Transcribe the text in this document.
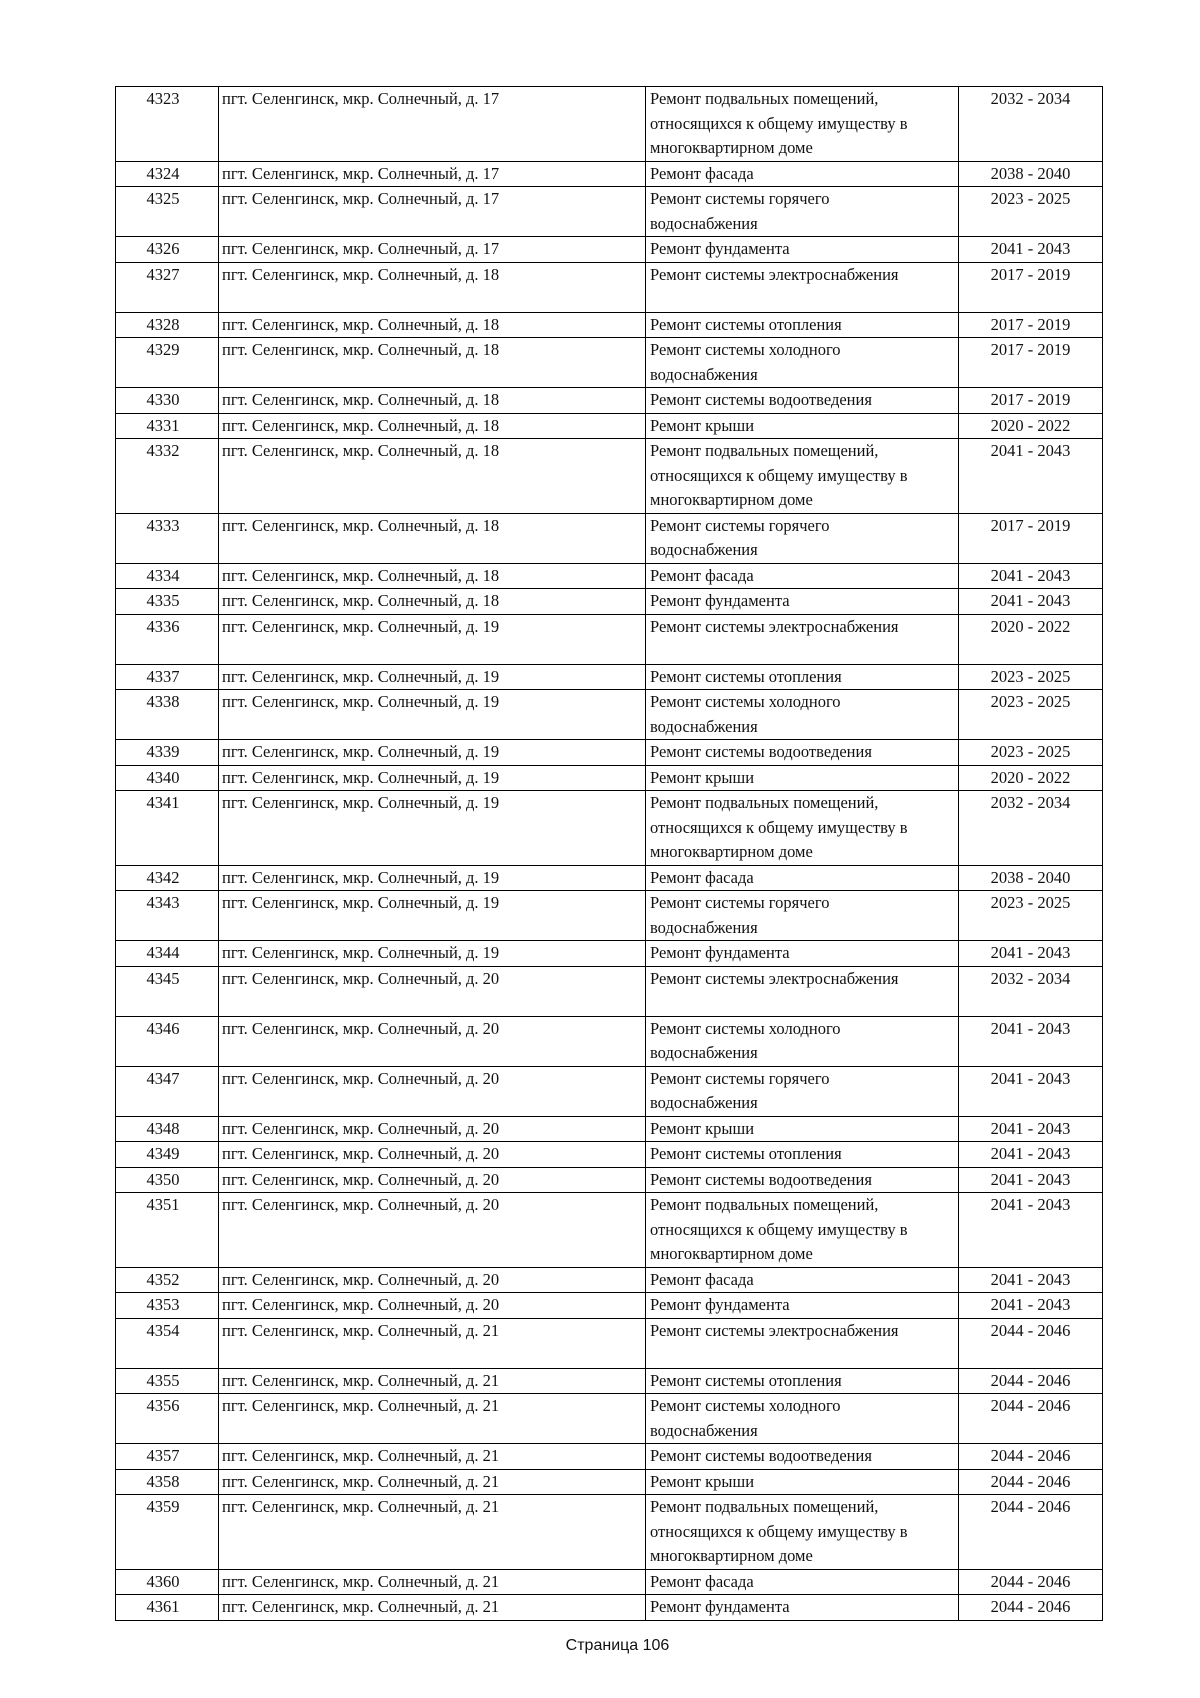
4323	пгт. Селенгинск, мкр. Солнечный, д. 17	Ремонт подвальных помещений,
относящихся к общему имуществу в
многоквартирном доме	2032 - 2034
4324	пгт. Селенгинск, мкр. Солнечный, д. 17	Ремонт фасада	2038 - 2040
4325	пгт. Селенгинск, мкр. Солнечный, д. 17	Ремонт системы горячего
водоснабжения	2023 - 2025
4326	пгт. Селенгинск, мкр. Солнечный, д. 17	Ремонт фундамента	2041 - 2043
4327	пгт. Селенгинск, мкр. Солнечный, д. 18	Ремонт системы электроснабжения	2017 - 2019
4328	пгт. Селенгинск, мкр. Солнечный, д. 18	Ремонт системы отопления	2017 - 2019
4329	пгт. Селенгинск, мкр. Солнечный, д. 18	Ремонт системы холодного
водоснабжения	2017 - 2019
4330	пгт. Селенгинск, мкр. Солнечный, д. 18	Ремонт системы водоотведения	2017 - 2019
4331	пгт. Селенгинск, мкр. Солнечный, д. 18	Ремонт крыши	2020 - 2022
4332	пгт. Селенгинск, мкр. Солнечный, д. 18	Ремонт подвальных помещений,
относящихся к общему имуществу в
многоквартирном доме	2041 - 2043
4333	пгт. Селенгинск, мкр. Солнечный, д. 18	Ремонт системы горячего
водоснабжения	2017 - 2019
4334	пгт. Селенгинск, мкр. Солнечный, д. 18	Ремонт фасада	2041 - 2043
4335	пгт. Селенгинск, мкр. Солнечный, д. 18	Ремонт фундамента	2041 - 2043
4336	пгт. Селенгинск, мкр. Солнечный, д. 19	Ремонт системы электроснабжения	2020 - 2022
4337	пгт. Селенгинск, мкр. Солнечный, д. 19	Ремонт системы отопления	2023 - 2025
4338	пгт. Селенгинск, мкр. Солнечный, д. 19	Ремонт системы холодного
водоснабжения	2023 - 2025
4339	пгт. Селенгинск, мкр. Солнечный, д. 19	Ремонт системы водоотведения	2023 - 2025
4340	пгт. Селенгинск, мкр. Солнечный, д. 19	Ремонт крыши	2020 - 2022
4341	пгт. Селенгинск, мкр. Солнечный, д. 19	Ремонт подвальных помещений,
относящихся к общему имуществу в
многоквартирном доме	2032 - 2034
4342	пгт. Селенгинск, мкр. Солнечный, д. 19	Ремонт фасада	2038 - 2040
4343	пгт. Селенгинск, мкр. Солнечный, д. 19	Ремонт системы горячего
водоснабжения	2023 - 2025
4344	пгт. Селенгинск, мкр. Солнечный, д. 19	Ремонт фундамента	2041 - 2043
4345	пгт. Селенгинск, мкр. Солнечный, д. 20	Ремонт системы электроснабжения	2032 - 2034
4346	пгт. Селенгинск, мкр. Солнечный, д. 20	Ремонт системы холодного
водоснабжения	2041 - 2043
4347	пгт. Селенгинск, мкр. Солнечный, д. 20	Ремонт системы горячего
водоснабжения	2041 - 2043
4348	пгт. Селенгинск, мкр. Солнечный, д. 20	Ремонт крыши	2041 - 2043
4349	пгт. Селенгинск, мкр. Солнечный, д. 20	Ремонт системы отопления	2041 - 2043
4350	пгт. Селенгинск, мкр. Солнечный, д. 20	Ремонт системы водоотведения	2041 - 2043
4351	пгт. Селенгинск, мкр. Солнечный, д. 20	Ремонт подвальных помещений,
относящихся к общему имуществу в
многоквартирном доме	2041 - 2043
4352	пгт. Селенгинск, мкр. Солнечный, д. 20	Ремонт фасада	2041 - 2043
4353	пгт. Селенгинск, мкр. Солнечный, д. 20	Ремонт фундамента	2041 - 2043
4354	пгт. Селенгинск, мкр. Солнечный, д. 21	Ремонт системы электроснабжения	2044 - 2046
4355	пгт. Селенгинск, мкр. Солнечный, д. 21	Ремонт системы отопления	2044 - 2046
4356	пгт. Селенгинск, мкр. Солнечный, д. 21	Ремонт системы холодного
водоснабжения	2044 - 2046
4357	пгт. Селенгинск, мкр. Солнечный, д. 21	Ремонт системы водоотведения	2044 - 2046
4358	пгт. Селенгинск, мкр. Солнечный, д. 21	Ремонт крыши	2044 - 2046
4359	пгт. Селенгинск, мкр. Солнечный, д. 21	Ремонт подвальных помещений,
относящихся к общему имуществу в
многоквартирном доме	2044 - 2046
4360	пгт. Селенгинск, мкр. Солнечный, д. 21	Ремонт фасада	2044 - 2046
4361	пгт. Селенгинск, мкр. Солнечный, д. 21	Ремонт фундамента	2044 - 2046
Страница 106
